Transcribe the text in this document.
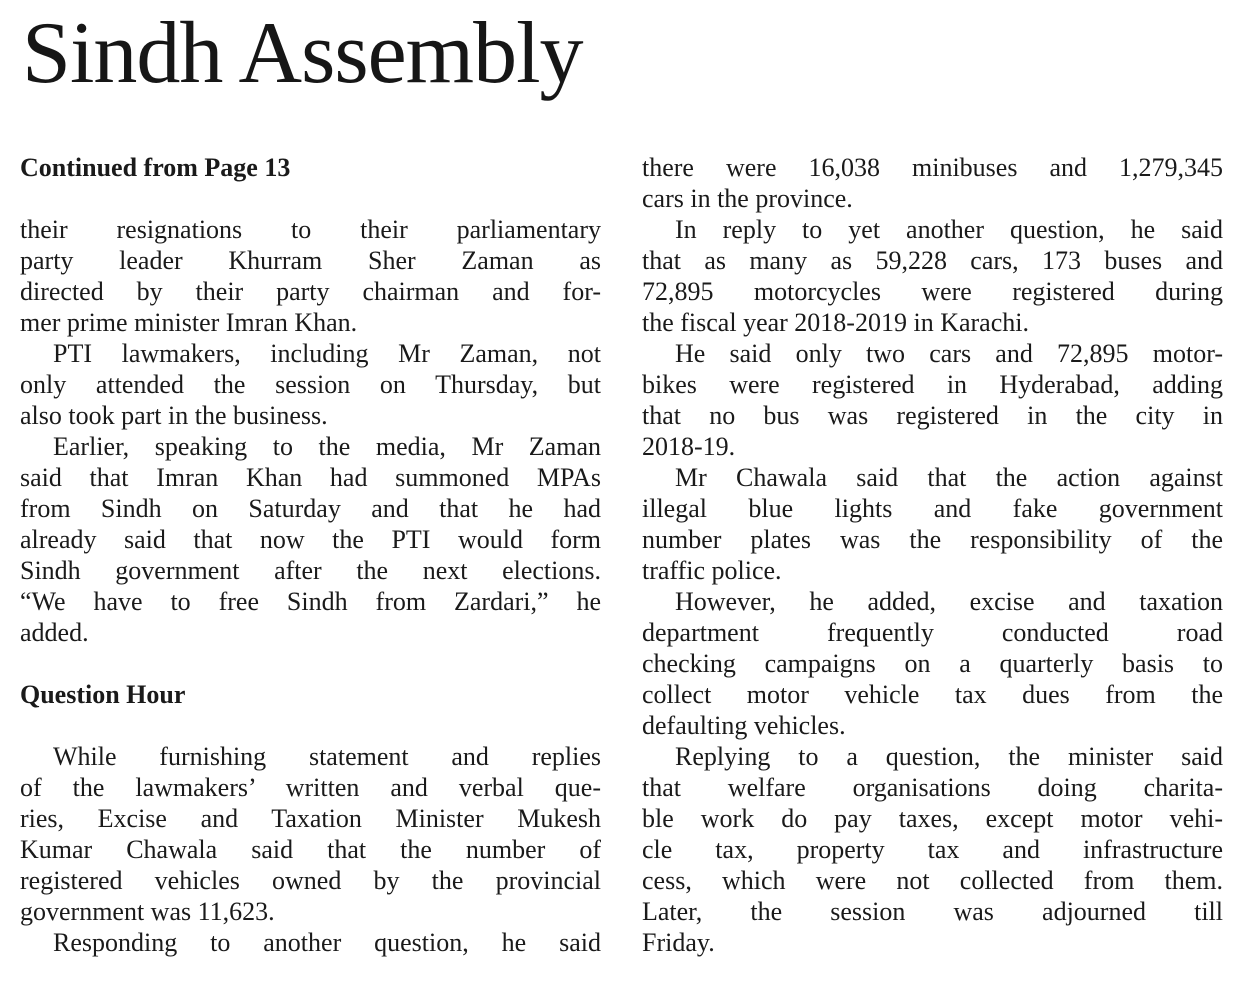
Sindh Assembly
Continued from Page 13
their resignations to their parliamentary
party leader Khurram Sher Zaman as
directed by their party chairman and for-
mer prime minister Imran Khan.
PTI lawmakers, including Mr Zaman, not
only attended the session on Thursday, but
also took part in the business.
Earlier, speaking to the media, Mr Zaman
said that Imran Khan had summoned MPAs
from Sindh on Saturday and that he had
already said that now the PTI would form
Sindh government after the next elections.
“We have to free Sindh from Zardari,” he
added.
Question Hour
While furnishing statement and replies
of the lawmakers’ written and verbal que-
ries, Excise and Taxation Minister Mukesh
Kumar Chawala said that the number of
registered vehicles owned by the provincial
government was 11,623.
Responding to another question, he said
there were 16,038 minibuses and 1,279,345
cars in the province.
In reply to yet another question, he said
that as many as 59,228 cars, 173 buses and
72,895 motorcycles were registered during
the fiscal year 2018-2019 in Karachi.
He said only two cars and 72,895 motor-
bikes were registered in Hyderabad, adding
that no bus was registered in the city in
2018-19.
Mr Chawala said that the action against
illegal blue lights and fake government
number plates was the responsibility of the
traffic police.
However, he added, excise and taxation
department frequently conducted road
checking campaigns on a quarterly basis to
collect motor vehicle tax dues from the
defaulting vehicles.
Replying to a question, the minister said
that welfare organisations doing charita-
ble work do pay taxes, except motor vehi-
cle tax, property tax and infrastructure
cess, which were not collected from them.
Later, the session was adjourned till
Friday.
